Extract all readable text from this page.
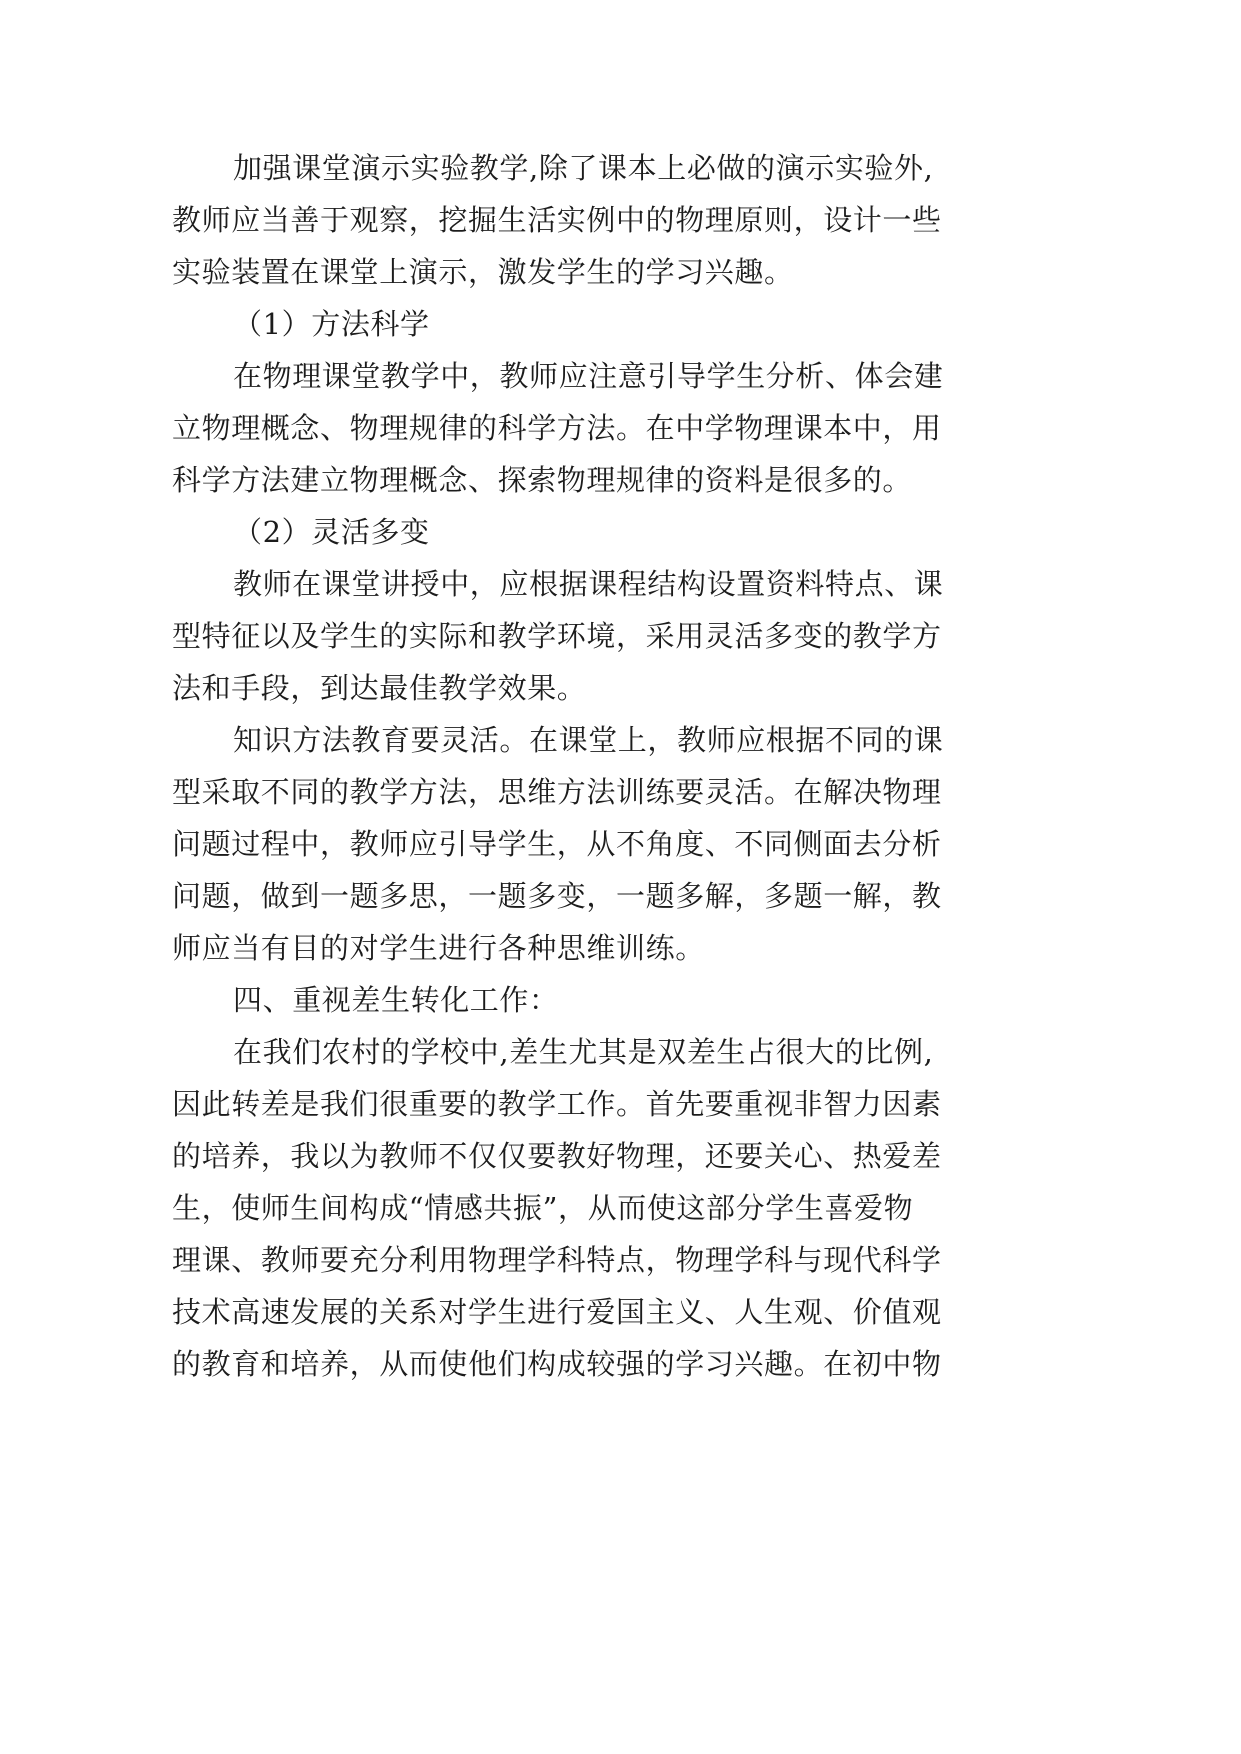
加强课堂演示实验教学,除了课本上必做的演示实验外,
教师应当善于观察，挖掘生活实例中的物理原则，设计一些
实验装置在课堂上演示，激发学生的学习兴趣。

（1）方法科学

在物理课堂教学中，教师应注意引导学生分析、体会建
立物理概念、物理规律的科学方法。在中学物理课本中，用
科学方法建立物理概念、探索物理规律的资料是很多的。

（2）灵活多变

教师在课堂讲授中，应根据课程结构设置资料特点、课
型特征以及学生的实际和教学环境，采用灵活多变的教学方
法和手段，到达最佳教学效果。

知识方法教育要灵活。在课堂上，教师应根据不同的课
型采取不同的教学方法，思维方法训练要灵活。在解决物理
问题过程中，教师应引导学生，从不角度、不同侧面去分析
问题，做到一题多思，一题多变，一题多解，多题一解，教
师应当有目的对学生进行各种思维训练。

四、重视差生转化工作：

在我们农村的学校中,差生尤其是双差生占很大的比例,
因此转差是我们很重要的教学工作。首先要重视非智力因素
的培养，我以为教师不仅仅要教好物理，还要关心、热爱差
生，使师生间构成“情感共振”，从而使这部分学生喜爱物
理课、教师要充分利用物理学科特点，物理学科与现代科学
技术高速发展的关系对学生进行爱国主义、人生观、价值观
的教育和培养，从而使他们构成较强的学习兴趣。在初中物
